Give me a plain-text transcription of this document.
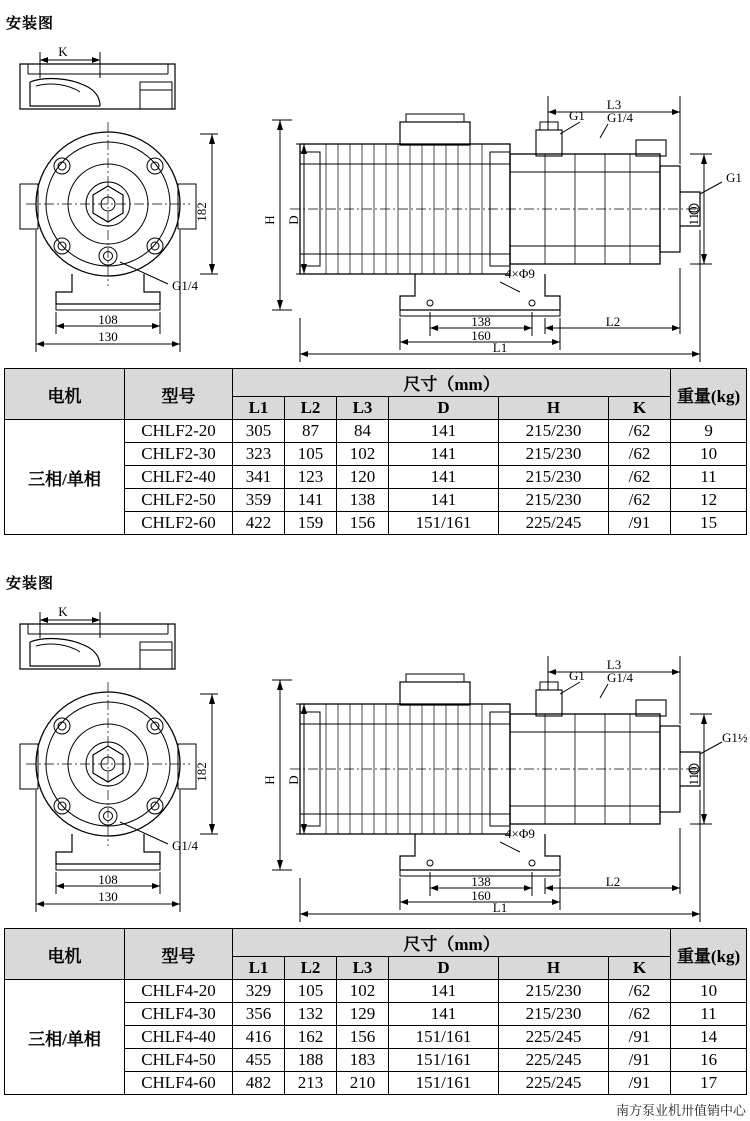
安装图
K
182
108
130
G1/4
H D
138
160
L2
L1
L3
110
4×Φ9
G1 G1/4
G1
电机	型号	尺寸（mm）						重量(kg)
		L1	L2	L3	D	H	K	
三相/单相	CHLF2-20	305	87	84	141	215/230	/62	9
	CHLF2-30	323	105	102	141	215/230	/62	10
	CHLF2-40	341	123	120	141	215/230	/62	11
	CHLF2-50	359	141	138	141	215/230	/62	12
	CHLF2-60	422	159	156	151/161	225/245	/91	15
安装图
K
182
108
130
G1/4
H D
138
160
L2
L1
L3
110
4×Φ9
G1 G1/4
G1½
电机	型号	尺寸（mm）						重量(kg)
		L1	L2	L3	D	H	K	
三相/单相	CHLF4-20	329	105	102	141	215/230	/62	10
	CHLF4-30	356	132	129	141	215/230	/62	11
	CHLF4-40	416	162	156	151/161	225/245	/91	14
	CHLF4-50	455	188	183	151/161	225/245	/91	16
	CHLF4-60	482	213	210	151/161	225/245	/91	17
南方泵业机卅值销中心
